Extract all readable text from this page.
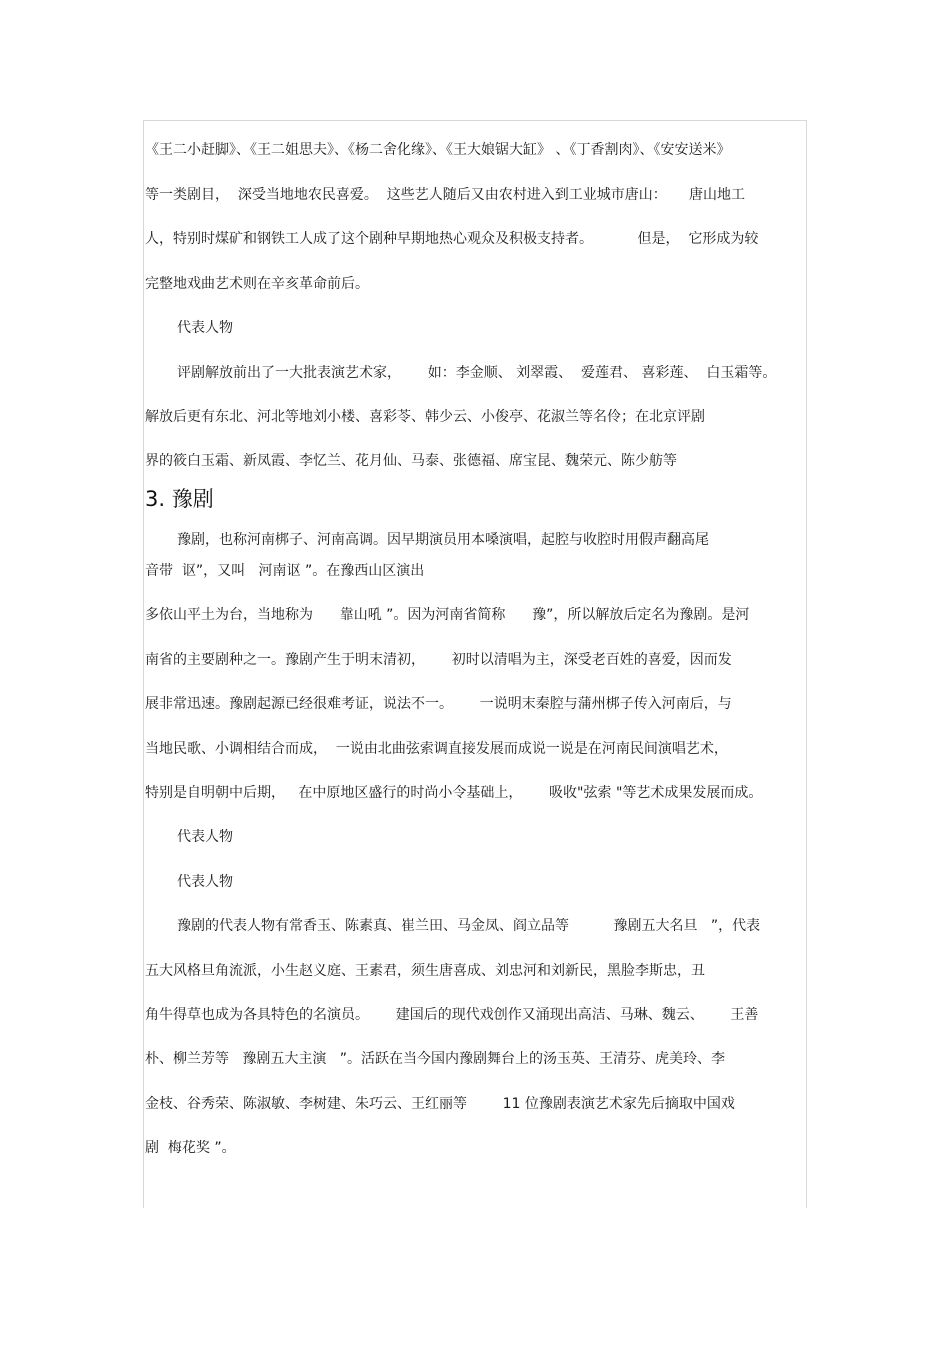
《王二小赶脚》、《王二姐思夫》、《杨二舍化缘》、《王大娘锯大缸》 、《丁香割肉》、《安安送米》
等一类剧目，  深受当地地农民喜爱。  这些艺人随后又由农村进入到工业城市唐山：     唐山地工
人，特别时煤矿和钢铁工人成了这个剧种早期地热心观众及积极支持者。          但是，  它形成为较
完整地戏曲艺术则在辛亥革命前后。
代表人物
评剧解放前出了一大批表演艺术家，      如：李金顺、 刘翠霞、  爱莲君、 喜彩莲、  白玉霜等。
解放后更有东北、河北等地刘小楼、喜彩苓、韩少云、小俊亭、花淑兰等名伶；在北京评剧
界的筱白玉霜、新凤霞、李忆兰、花月仙、马泰、张德福、席宝昆、魏荣元、陈少舫等
3. 豫剧
豫剧，也称河南梆子、河南高调。因早期演员用本嗓演唱，起腔与收腔时用假声翻高尾
音带  讴”，又叫   河南讴 ”。在豫西山区演出
多依山平土为台，当地称为      靠山吼 ”。因为河南省简称      豫”，所以解放后定名为豫剧。是河
南省的主要剧种之一。豫剧产生于明末清初，      初时以清唱为主，深受老百姓的喜爱，因而发
展非常迅速。豫剧起源已经很难考证，说法不一。      一说明末秦腔与蒲州梆子传入河南后，与
当地民歌、小调相结合而成，  一说由北曲弦索调直接发展而成说一说是在河南民间演唱艺术，
特别是自明朝中后期，   在中原地区盛行的时尚小令基础上，      吸收"弦索 "等艺术成果发展而成。
代表人物
代表人物
豫剧的代表人物有常香玉、陈素真、崔兰田、马金凤、阎立品等          豫剧五大名旦   ”，代表
五大风格旦角流派，小生赵义庭、王素君，须生唐喜成、刘忠河和刘新民，黑脸李斯忠，丑
角牛得草也成为各具特色的名演员。      建国后的现代戏创作又涌现出高洁、马琳、魏云、      王善
朴、柳兰芳等   豫剧五大主演   ”。活跃在当今国内豫剧舞台上的汤玉英、王清芬、虎美玲、李
金枝、谷秀荣、陈淑敏、李树建、朱巧云、王红丽等        11 位豫剧表演艺术家先后摘取中国戏
剧  梅花奖 ”。
